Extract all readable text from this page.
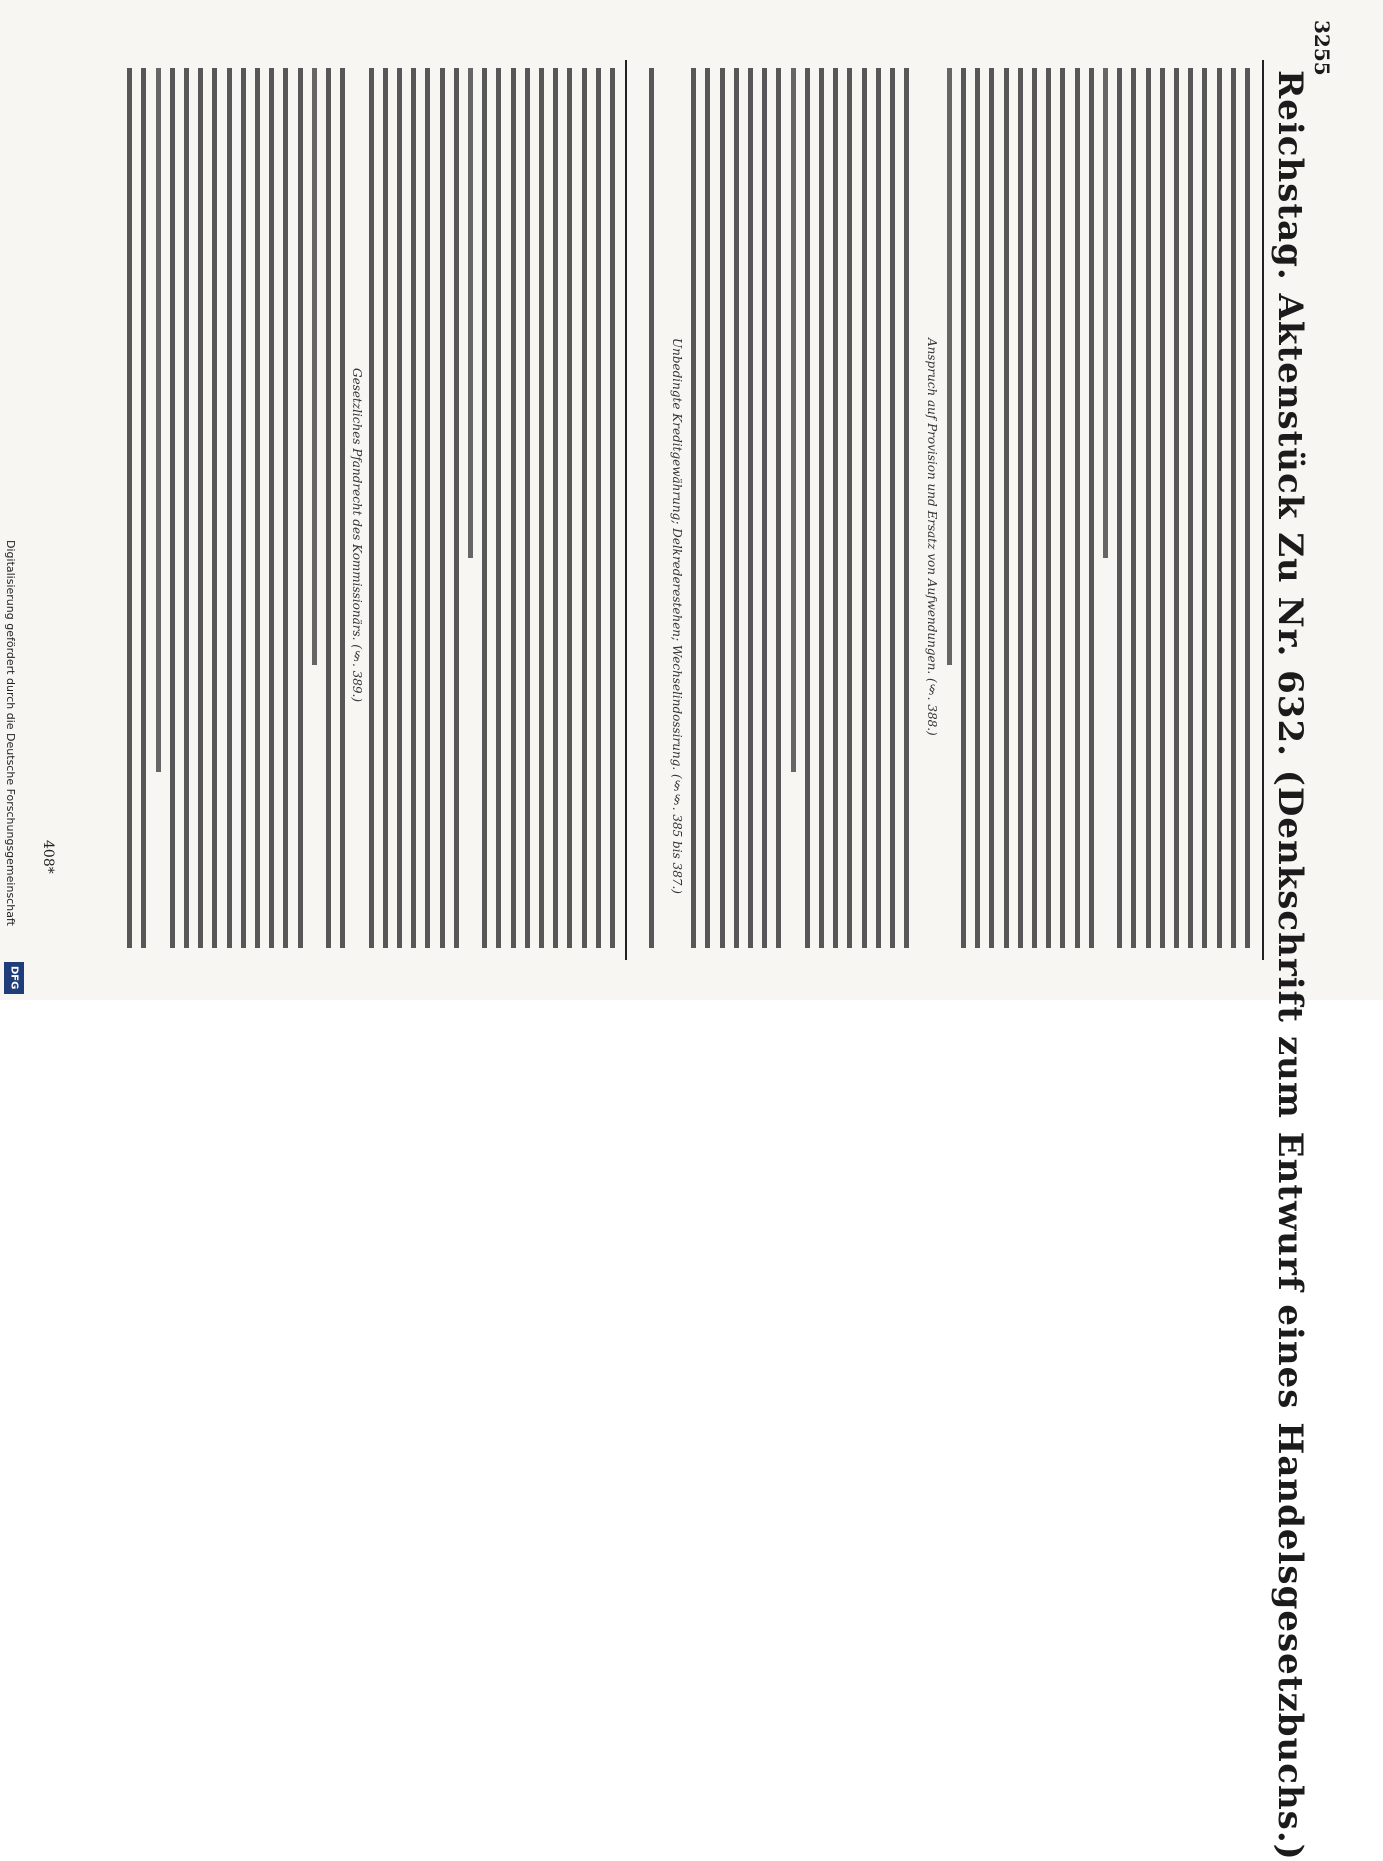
3255
Reichstag. Aktenstück Zu Nr. 632. (Denkschrift zum Entwurf eines Handelsgesetzbuchs.)
Unbedingte Kreditgewährung; Delkrederestehen; Wechselindossirung. (§§. 385 bis 387.)	Anspruch auf Provision und Ersatz von Aufwendungen. (§. 388.)
Gesetzliches Pfandrecht des Kommissionärs. (§. 389.)
408*
Digitalisierung gefördert durch die Deutsche Forschungsgemeinschaft
DFG
